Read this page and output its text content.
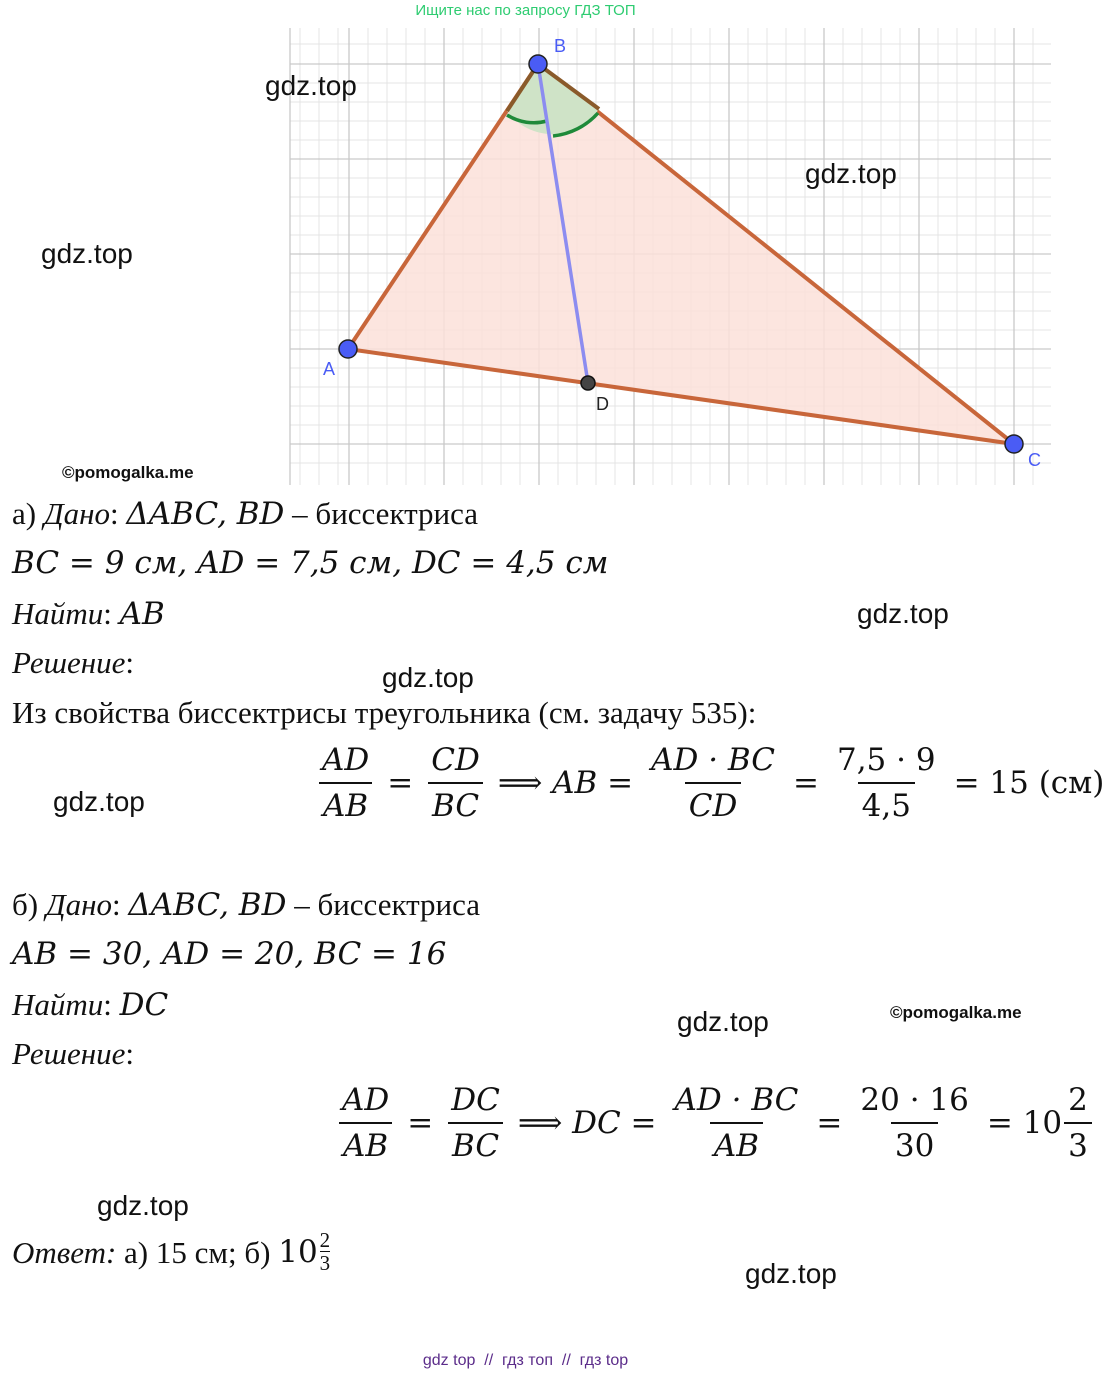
Ищите нас по запросу ГДЗ ТОП
A
B
C
D
gdz.top
gdz.top
gdz.top
gdz.top
gdz.top
gdz.top
gdz.top
gdz.top
gdz.top
©pomogalka.me
©pomogalka.me
а) Дано: ΔABC, BD – биссектриса
BC = 9 см, AD = 7,5 см, DC = 4,5 см
Найти: AB
Решение:
Из свойства биссектрисы треугольника (см. задачу 535):
$\frac{AD}{AB} = \frac{CD}{BC}$ ⟹ AB = $\frac{AD \cdot BC}{CD} = \frac{7,5 \cdot 9}{4,5} = 15$ (см)
б) Дано: ΔABC, BD – биссектриса
AB = 30, AD = 20, BC = 16
Найти: DC
Решение:
$\frac{AD}{AB} = \frac{DC}{BC}$ ⟹ DC = $\frac{AD \cdot BC}{AB} = \frac{20 \cdot 16}{30} = 10 \frac{2}{3}$
Ответ: а) 15 см; б) $10 \frac{2}{3}$
gdz top  //  гдз топ  //  гдз top
